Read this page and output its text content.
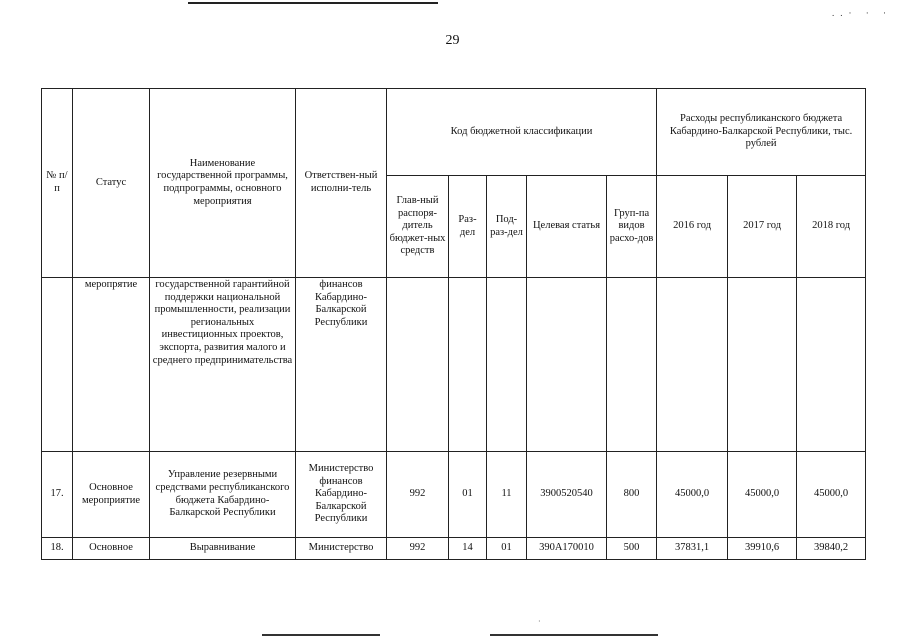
..· · ·
29
№ п/п	Статус	Наименование государственной программы, подпрограммы, основного мероприятия	Ответствен-ный исполни-тель	Код бюджетной классификации					Расходы республиканского бюджета Кабардино-Балкарской Республики, тыс. рублей		
				Глав-ный распоря-дитель бюджет-ных средств	Раз-дел	Под-раз-дел	Целевая статья	Груп-па видов расхо-дов	2016 год	2017 год	2018 год
	меропрятие	государственной гарантийной поддержки национальной промышленности, реализации региональных инвестиционных проектов, экспорта, развития малого и среднего предпринимательства	финансов Кабардино-Балкарской Республики								
17.	Основное мероприятие	Управление резервными средствами республиканского бюджета Кабардино-Балкарской Республики	Министерство финансов Кабардино-Балкарской Республики	992	01	11	3900520540	800	45000,0	45000,0	45000,0
18.	Основное	Выравнивание	Министерство	992	14	01	390А170010	500	37831,1	39910,6	39840,2
·
